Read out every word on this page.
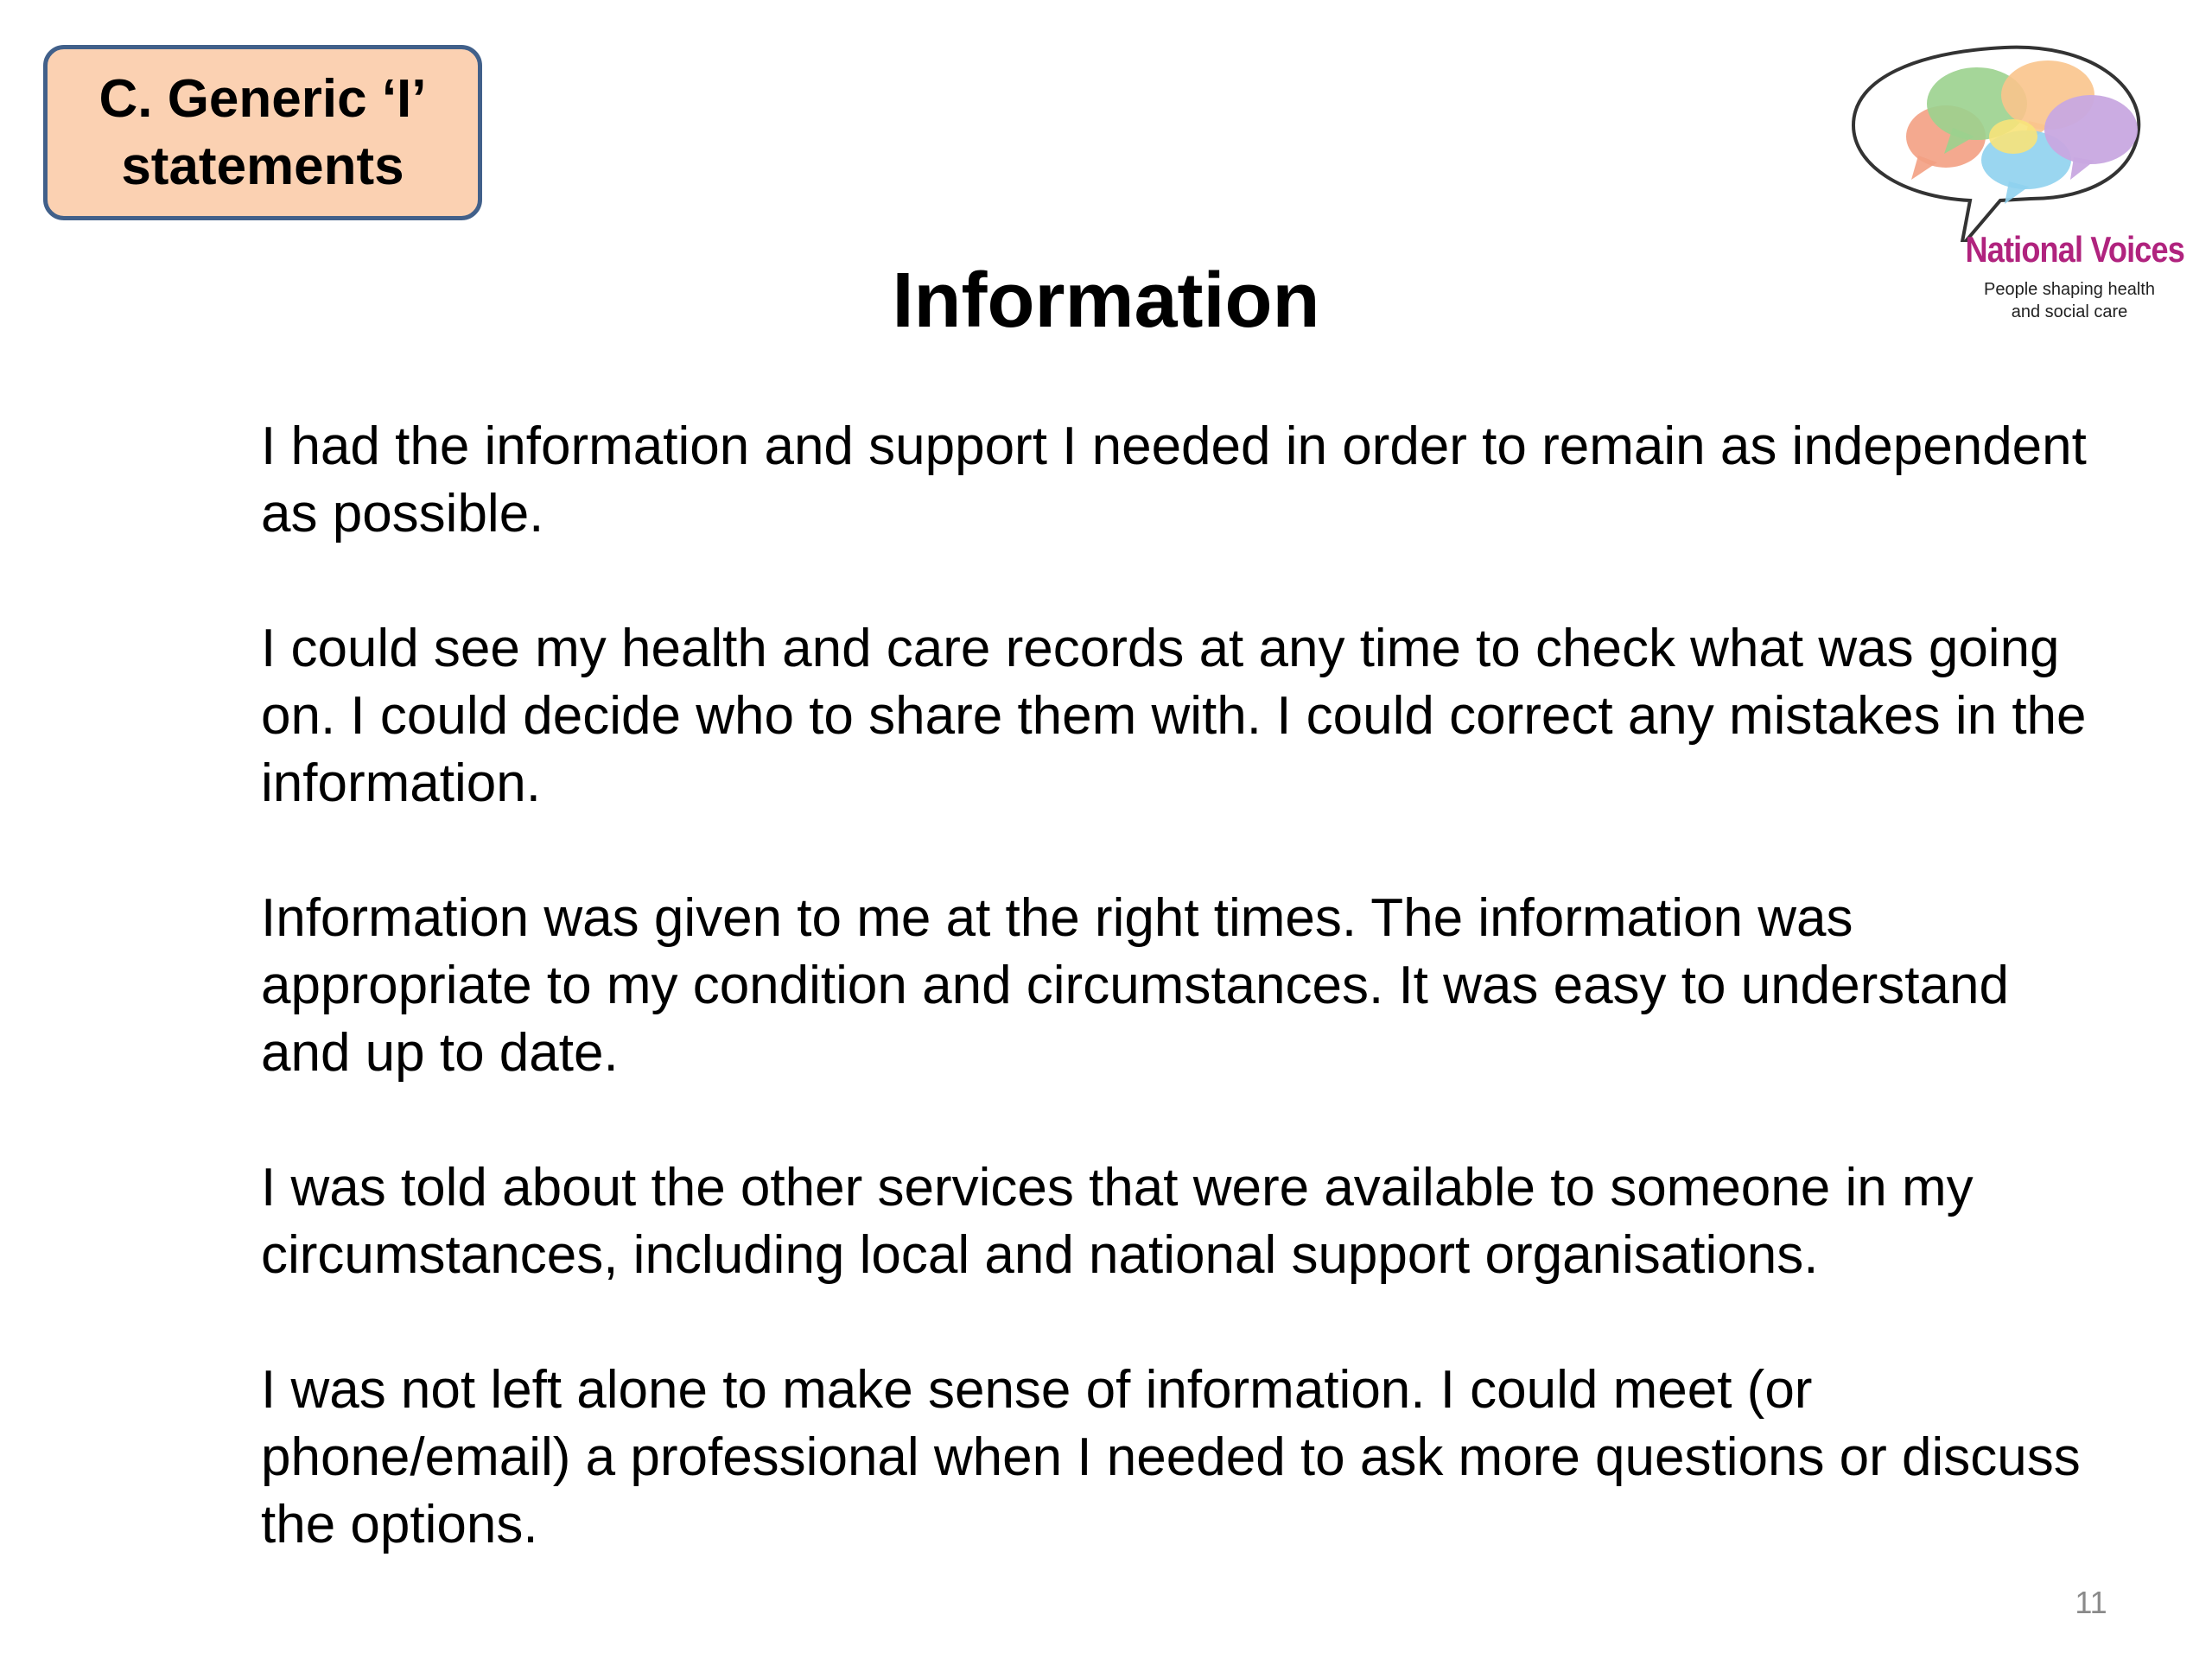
C. Generic ‘I’
statements
National Voices
People shaping health
and social care
Information
I had the information and support I needed in order to remain as independent as possible.
I could see my health and care records at any time to check what was going on. I could decide who to share them with. I could correct any mistakes in the information.
Information was given to me at the right times. The information was appropriate to my condition and circumstances. It was easy to understand and up to date.
I was told about the other services that were available to someone in my circumstances, including local and national support organisations.
I was not left alone to make sense of information. I could meet (or phone/email) a professional when I needed to ask more questions or discuss the options.
11
